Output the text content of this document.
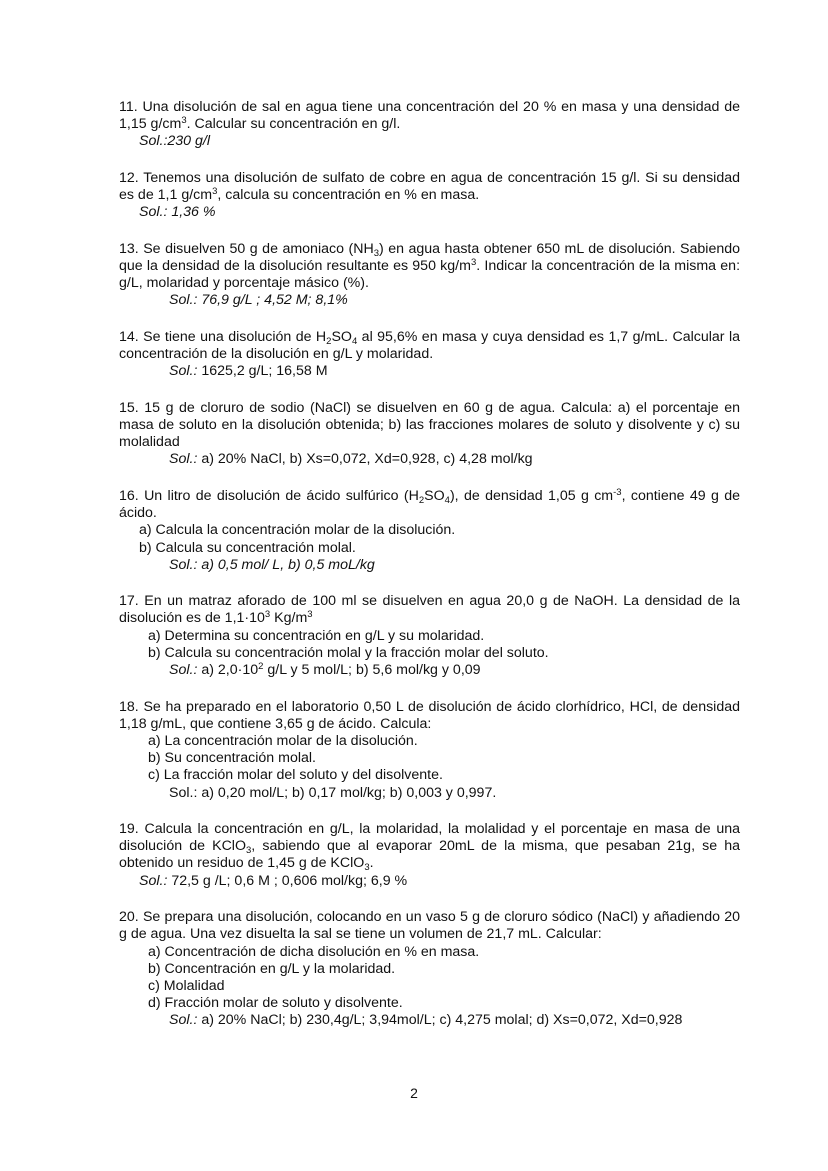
11. Una disolución de sal en agua tiene una concentración del 20 % en masa y una densidad de 1,15 $g/cm^3$. Calcular su concentración en g/l.

Sol.:230 g/l

12. Tenemos una disolución de sulfato de cobre en agua de concentración 15 g/l. Si su densidad es de 1,1 $g/cm^3$, calcula su concentración en % en masa.

Sol.: 1,36 %

13. Se disuelven 50 g de amoniaco $(NH_3)$ en agua hasta obtener 650 mL de disolución. Sabiendo que la densidad de la disolución resultante es 950 $kg/m^3$. Indicar la concentración de la misma en: g/L, molaridad y porcentaje másico (%).

Sol.: 76,9 g/L ; 4,52 M; 8,1%

14. Se tiene una disolución de $H_2SO_4$ al 95,6% en masa y cuya densidad es 1,7 g/mL. Calcular la concentración de la disolución en g/L y molaridad.

Sol.: 1625,2 g/L; 16,58 M

15. 15 g de cloruro de sodio (NaCl) se disuelven en 60 g de agua. Calcula: a) el porcentaje en masa de soluto en la disolución obtenida; b) las fracciones molares de soluto y disolvente y c) su molalidad

Sol.: a) 20% NaCl, b) Xs=0,072, Xd=0,928, c) 4,28 mol/kg

16. Un litro de disolución de ácido sulfúrico $(H_2SO_4)$, de densidad 1,05 g $cm^{-3}$, contiene 49 g de ácido.

a) Calcula la concentración molar de la disolución.

b) Calcula su concentración molal.

Sol.: a) 0,5 mol/ L, b) 0,5 moL/kg

17. En un matraz aforado de 100 ml se disuelven en agua 20,0 g de NaOH. La densidad de la disolución es de $1,1\cdot 10^3$ $Kg/m^3$

a) Determina su concentración en g/L y su molaridad.

b) Calcula su concentración molal y la fracción molar del soluto.

Sol.: a) $2,0\cdot 10^2$ g/L y 5 mol/L; b) 5,6 mol/kg y 0,09

18. Se ha preparado en el laboratorio 0,50 L de disolución de ácido clorhídrico, HCl, de densidad 1,18 g/mL, que contiene 3,65 g de ácido. Calcula:

a) La concentración molar de la disolución.

b) Su concentración molal.

c) La fracción molar del soluto y del disolvente.

Sol.: a) 0,20 mol/L; b) 0,17 mol/kg; b) 0,003 y 0,997.

19. Calcula la concentración en g/L, la molaridad, la molalidad y el porcentaje en masa de una disolución de KClO$_3$, sabiendo que al evaporar 20mL de la misma, que pesaban 21g, se ha obtenido un residuo de 1,45 g de KClO$_3$.

Sol.: 72,5 g /L; 0,6 M ; 0,606 mol/kg; 6,9 %

20. Se prepara una disolución, colocando en un vaso 5 g de cloruro sódico (NaCl) y añadiendo 20 g de agua. Una vez disuelta la sal se tiene un volumen de 21,7 mL. Calcular:

a) Concentración de dicha disolución en % en masa.

b) Concentración en g/L y la molaridad.

c) Molalidad

d) Fracción molar de soluto y disolvente.

Sol.: a) 20% NaCl; b) 230,4g/L; 3,94mol/L; c) 4,275 molal; d) Xs=0,072, Xd=0,928

2
